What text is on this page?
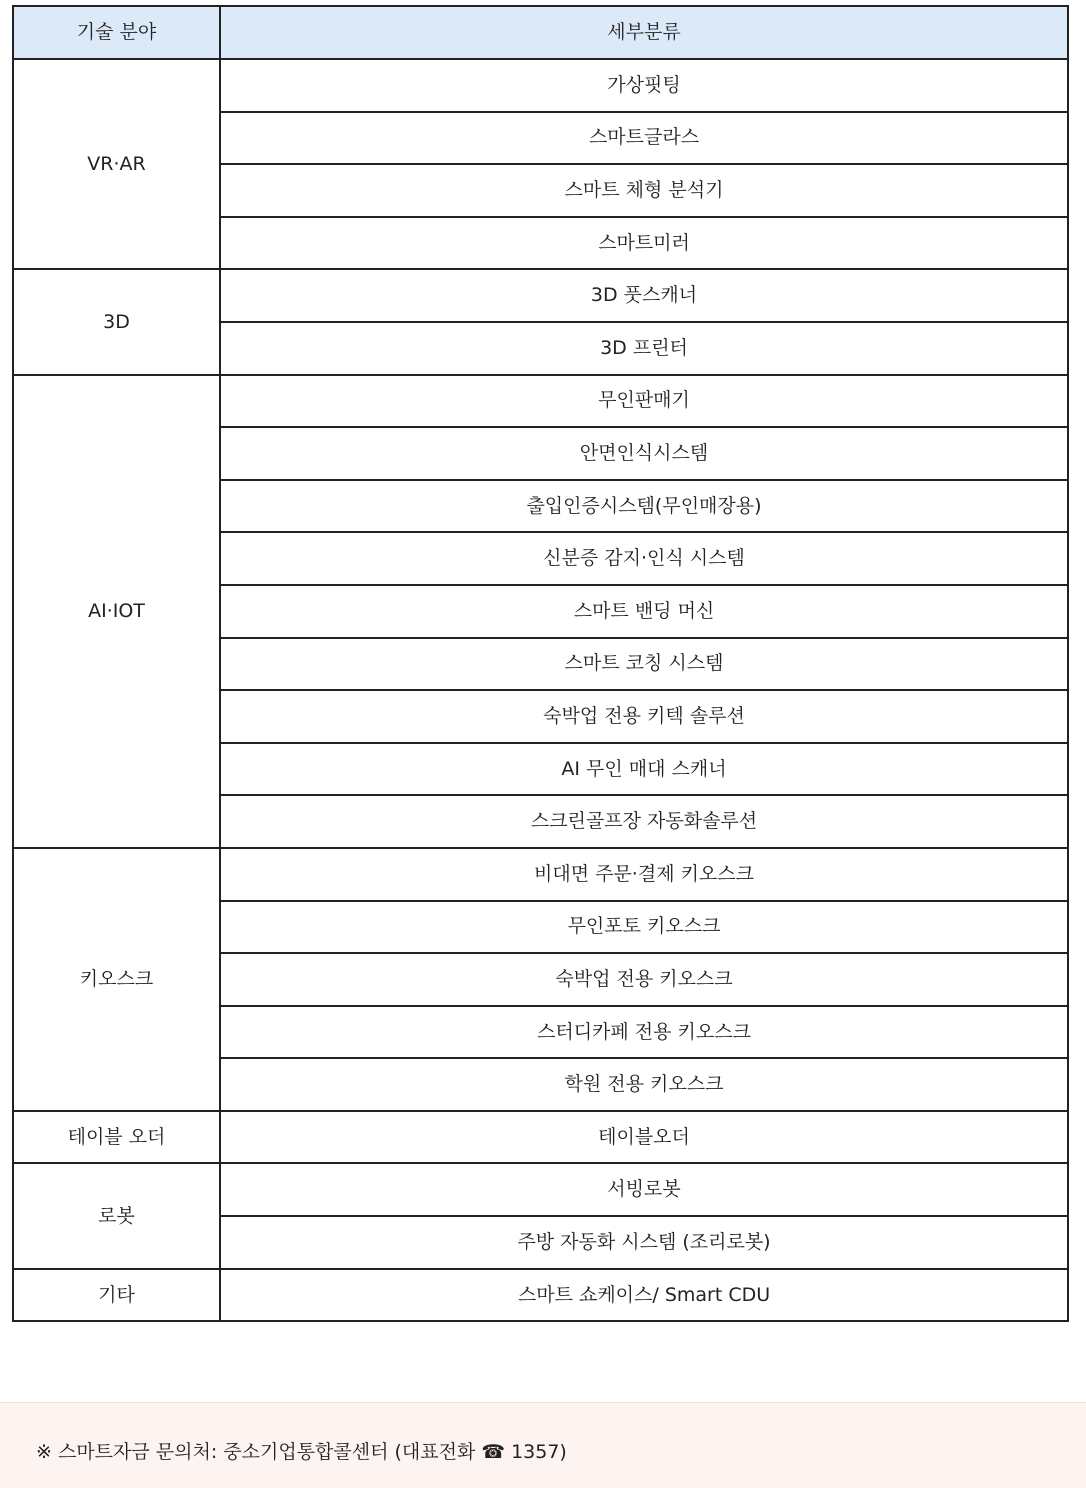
기술 분야	세부분류
VR·AR	가상핏팅
	스마트글라스
	스마트 체형 분석기
	스마트미러
3D	3D 풋스캐너
	3D 프린터
AI·IOT	무인판매기
	안면인식시스템
	출입인증시스템(무인매장용)
	신분증 감지·인식 시스템
	스마트 밴딩 머신
	스마트 코칭 시스템
	숙박업 전용 키텍 솔루션
	AI 무인 매대 스캐너
	스크린골프장 자동화솔루션
키오스크	비대면 주문·결제 키오스크
	무인포토 키오스크
	숙박업 전용 키오스크
	스터디카페 전용 키오스크
	학원 전용 키오스크
테이블 오더	테이블오더
로봇	서빙로봇
	주방 자동화 시스템 (조리로봇)
기타	스마트 쇼케이스/ Smart CDU
※ 스마트자금 문의처: 중소기업통합콜센터 (대표전화 ☎ 1357)
